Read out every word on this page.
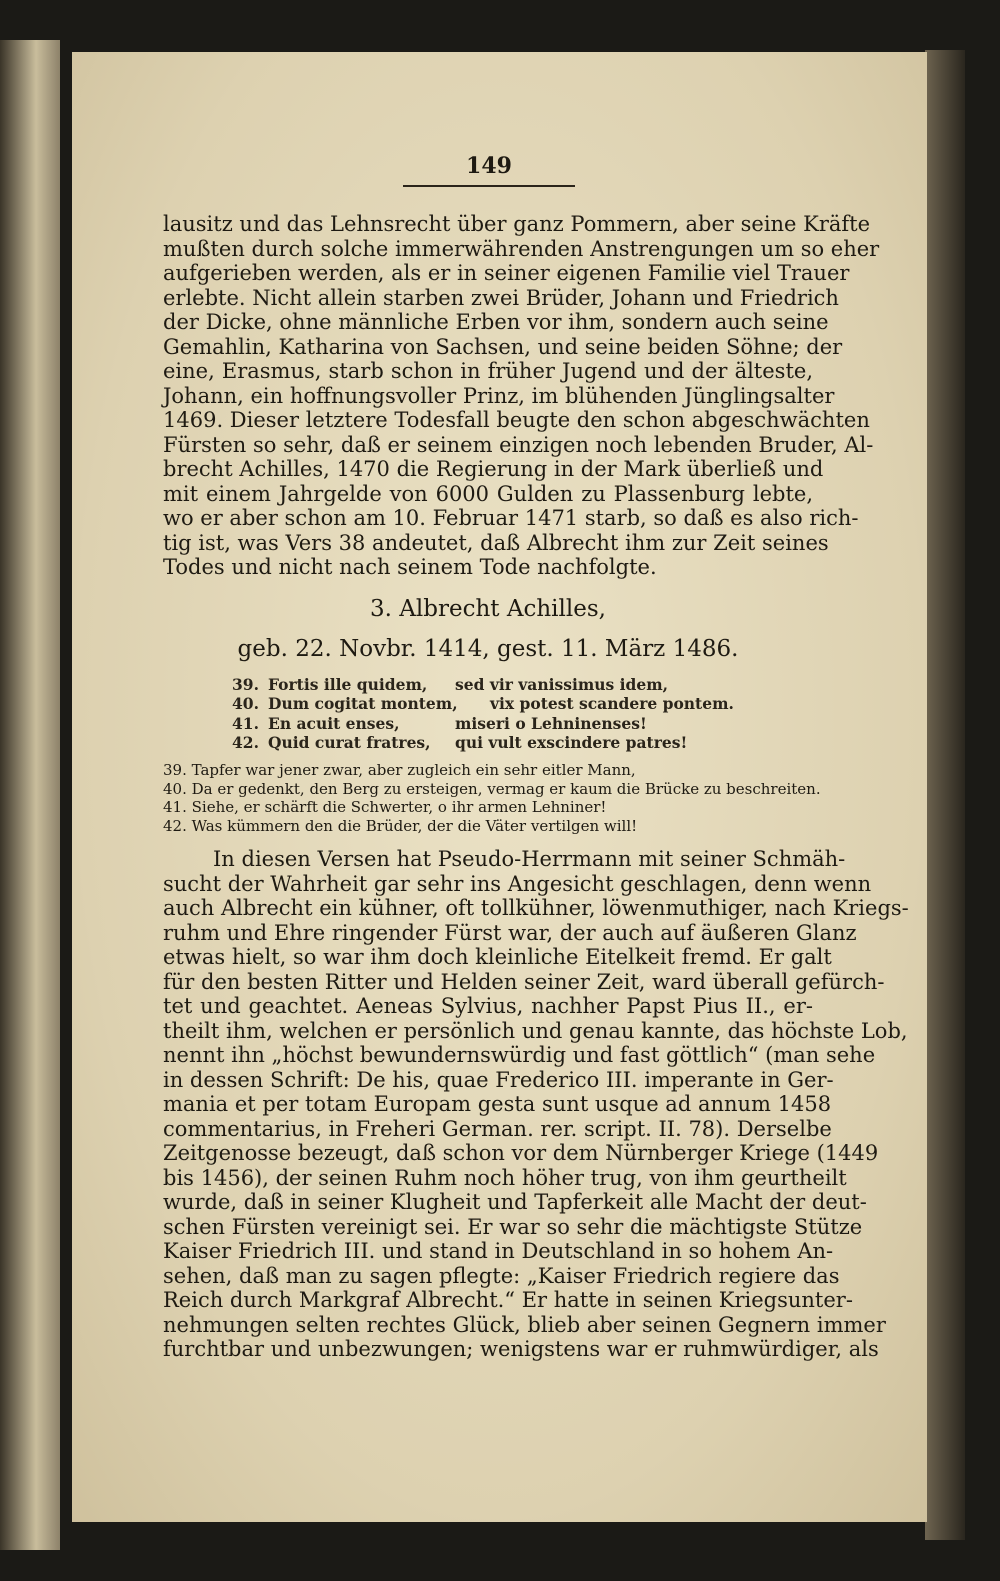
149
lausitz und das Lehnsrecht über ganz Pommern, aber seine Kräfte
mußten durch solche immerwährenden Anstrengungen um so eher
aufgerieben werden, als er in seiner eigenen Familie viel Trauer
erlebte. Nicht allein starben zwei Brüder, Johann und Friedrich
der Dicke, ohne männliche Erben vor ihm, sondern auch seine
Gemahlin, Katharina von Sachsen, und seine beiden Söhne; der
eine, Erasmus, starb schon in früher Jugend und der älteste,
Johann, ein hoffnungsvoller Prinz, im blühenden Jünglingsalter
1469. Dieser letztere Todesfall beugte den schon abgeschwächten
Fürsten so sehr, daß er seinem einzigen noch lebenden Bruder, Al-
brecht Achilles, 1470 die Regierung in der Mark überließ und
mit einem Jahrgelde von 6000 Gulden zu Plassenburg lebte,
wo er aber schon am 10. Februar 1471 starb, so daß es also rich-
tig ist, was Vers 38 andeutet, daß Albrecht ihm zur Zeit seines
Todes und nicht nach seinem Tode nachfolgte.
3. Albrecht Achilles,
geb. 22. Novbr. 1414, gest. 11. März 1486.
39. Fortis ille quidem, sed vir vanissimus idem,
40. Dum cogitat montem, vix potest scandere pontem.
41. En acuit enses,	miseri o Lehninenses!
42. Quid curat fratres, qui vult exscindere patres!
39. Tapfer war jener zwar, aber zugleich ein sehr eitler Mann,
40. Da er gedenkt, den Berg zu ersteigen, vermag er kaum die Brücke zu beschreiten.
41. Siehe, er schärft die Schwerter, o ihr armen Lehniner!
42. Was kümmern den die Brüder, der die Väter vertilgen will!
In diesen Versen hat Pseudo-Herrmann mit seiner Schmäh-
sucht der Wahrheit gar sehr ins Angesicht geschlagen, denn wenn
auch Albrecht ein kühner, oft tollkühner, löwenmuthiger, nach Kriegs-
ruhm und Ehre ringender Fürst war, der auch auf äußeren Glanz
etwas hielt, so war ihm doch kleinliche Eitelkeit fremd. Er galt
für den besten Ritter und Helden seiner Zeit, ward überall gefürch-
tet und geachtet. Aeneas Sylvius, nachher Papst Pius II., er-
theilt ihm, welchen er persönlich und genau kannte, das höchste Lob,
nennt ihn „höchst bewundernswürdig und fast göttlich“ (man sehe
in dessen Schrift: De his, quae Frederico III. imperante in Ger-
mania et per totam Europam gesta sunt usque ad annum 1458
commentarius, in Freheri German. rer. script. II. 78). Derselbe
Zeitgenosse bezeugt, daß schon vor dem Nürnberger Kriege (1449
bis 1456), der seinen Ruhm noch höher trug, von ihm geurtheilt
wurde, daß in seiner Klugheit und Tapferkeit alle Macht der deut-
schen Fürsten vereinigt sei. Er war so sehr die mächtigste Stütze
Kaiser Friedrich III. und stand in Deutschland in so hohem An-
sehen, daß man zu sagen pflegte: „Kaiser Friedrich regiere das
Reich durch Markgraf Albrecht.“ Er hatte in seinen Kriegsunter-
nehmungen selten rechtes Glück, blieb aber seinen Gegnern immer
furchtbar und unbezwungen; wenigstens war er ruhmwürdiger, als
